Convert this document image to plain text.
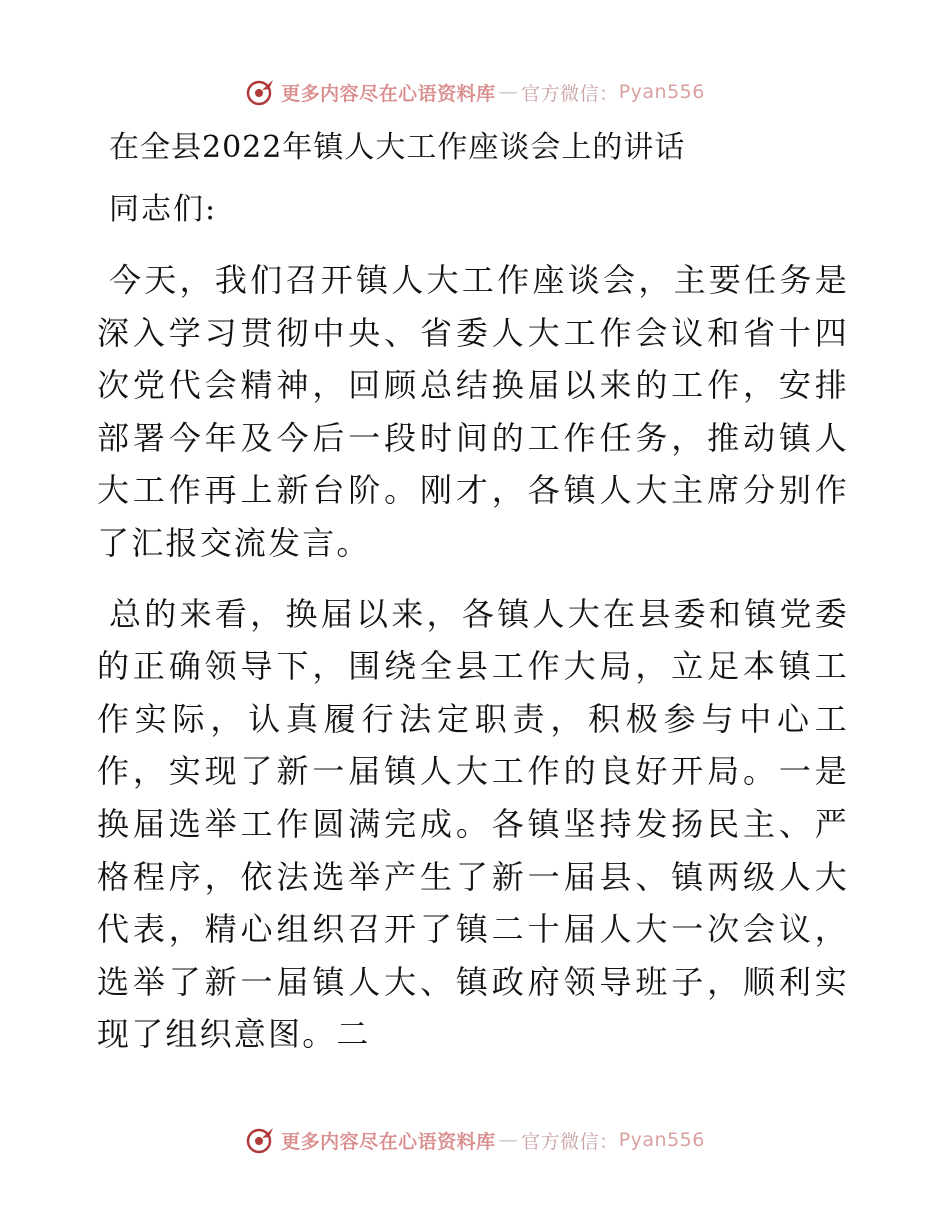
更多内容尽在心语资料库 — 官方微信： Pyan556
在全县2022年镇人大工作座谈会上的讲话

同志们:

今天，我们召开镇人大工作座谈会，主要任务是深入学习贯彻中央、省委人大工作会议和省十四次党代会精神，回顾总结换届以来的工作，安排部署今年及今后一段时间的工作任务，推动镇人大工作再上新台阶。刚才，各镇人大主席分别作了汇报交流发言。

总的来看，换届以来，各镇人大在县委和镇党委的正确领导下，围绕全县工作大局，立足本镇工作实际，认真履行法定职责，积极参与中心工作，实现了新一届镇人大工作的良好开局。一是换届选举工作圆满完成。各镇坚持发扬民主、严格程序，依法选举产生了新一届县、镇两级人大代表，精心组织召开了镇二十届人大一次会议，选举了新一届镇人大、镇政府领导班子，顺利实现了组织意图。二

更多内容尽在心语资料库 — 官方微信： Pyan556
